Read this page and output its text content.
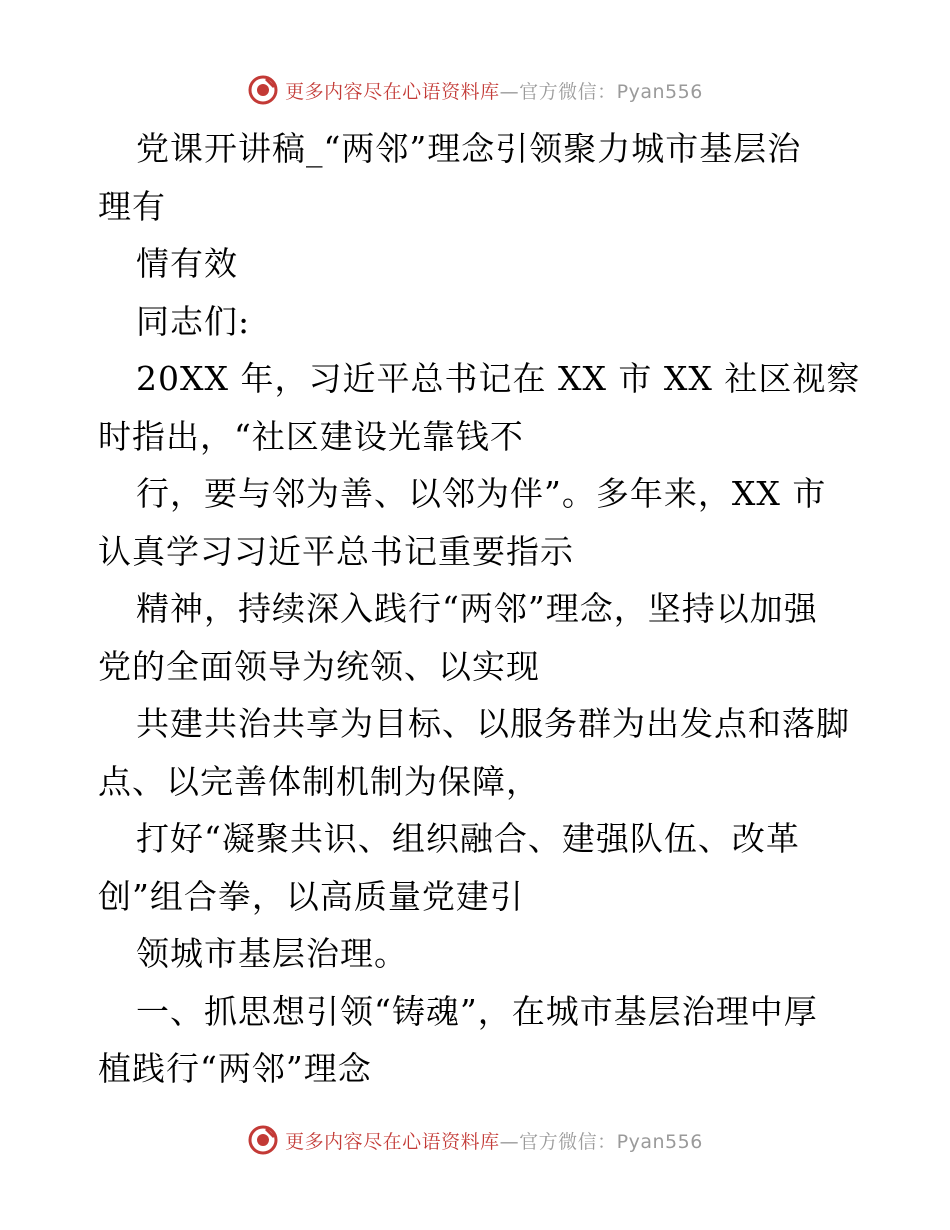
更多内容尽在心语资料库—官方微信：Pyan556
党课开讲稿_“两邻”理念引领聚力城市基层治
理有
情有效
同志们:
20XX 年，习近平总书记在 XX 市 XX 社区视察
时指出，“社区建设光靠钱不
行，要与邻为善、以邻为伴”。多年来，XX 市
认真学习习近平总书记重要指示
精神，持续深入践行“两邻”理念，坚持以加强
党的全面领导为统领、以实现
共建共治共享为目标、以服务群为出发点和落脚
点、以完善体制机制为保障，
打好“凝聚共识、组织融合、建强队伍、改革
创”组合拳，以高质量党建引
领城市基层治理。
一、抓思想引领“铸魂”，在城市基层治理中厚
植践行“两邻”理念
更多内容尽在心语资料库—官方微信：Pyan556
